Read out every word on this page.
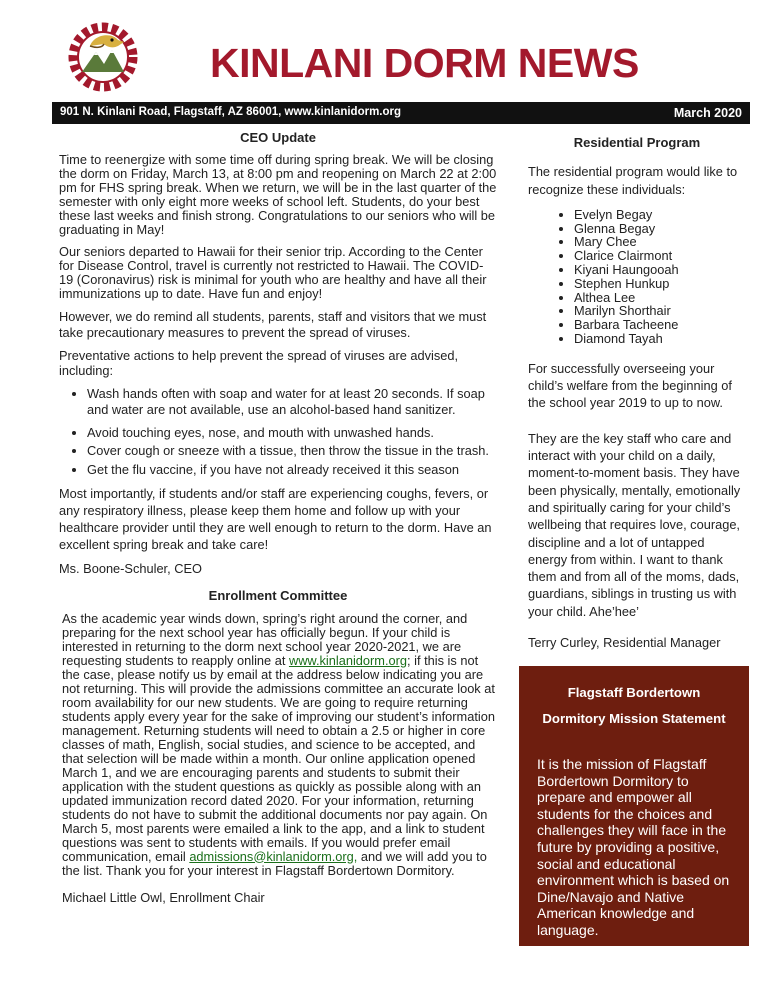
KINLANI DORM NEWS
901 N. Kinlani Road, Flagstaff, AZ 86001, www.kinlanidorm.org	March 2020
CEO Update

Time to reenergize with some time off during spring break. We will be closing the dorm on Friday, March 13, at 8:00 pm and reopening on March 22 at 2:00 pm for FHS spring break. When we return, we will be in the last quarter of the semester with only eight more weeks of school left. Students, do your best these last weeks and finish strong. Congratulations to our seniors who will be graduating in May!

Our seniors departed to Hawaii for their senior trip. According to the Center for Disease Control, travel is currently not restricted to Hawaii. The COVID-19 (Coronavirus) risk is minimal for youth who are healthy and have all their immunizations up to date. Have fun and enjoy!

However, we do remind all students, parents, staff and visitors that we must take precautionary measures to prevent the spread of viruses.

Preventative actions to help prevent the spread of viruses are advised, including:

• Wash hands often with soap and water for at least 20 seconds. If soap and water are not available, use an alcohol-based hand sanitizer.
• Avoid touching eyes, nose, and mouth with unwashed hands.
• Cover cough or sneeze with a tissue, then throw the tissue in the trash.
• Get the flu vaccine, if you have not already received it this season

Most importantly, if students and/or staff are experiencing coughs, fevers, or any respiratory illness, please keep them home and follow up with your healthcare provider until they are well enough to return to the dorm. Have an excellent spring break and take care!

Ms. Boone-Schuler, CEO

Enrollment Committee

As the academic year winds down, spring’s right around the corner, and preparing for the next school year has officially begun. If your child is interested in returning to the dorm next school year 2020-2021, we are requesting students to reapply online at www.kinlanidorm.org; if this is not the case, please notify us by email at the address below indicating you are not returning. This will provide the admissions committee an accurate look at room availability for our new students. We are going to require returning students apply every year for the sake of improving our student’s information management. Returning students will need to obtain a 2.5 or higher in core classes of math, English, social studies, and science to be accepted, and that selection will be made within a month. Our online application opened March 1, and we are encouraging parents and students to submit their application with the student questions as quickly as possible along with an updated immunization record dated 2020. For your information, returning students do not have to submit the additional documents nor pay again. On March 5, most parents were emailed a link to the app, and a link to student questions was sent to students with emails. If you would prefer email communication, email admissions@kinlanidorm.org, and we will add you to the list. Thank you for your interest in Flagstaff Bordertown Dormitory.

Michael Little Owl, Enrollment Chair

Residential Program

The residential program would like to recognize these individuals:

• Evelyn Begay
• Glenna Begay
• Mary Chee
• Clarice Clairmont
• Kiyani Haungooah
• Stephen Hunkup
• Althea Lee
• Marilyn Shorthair
• Barbara Tacheene
• Diamond Tayah

For successfully overseeing your child’s welfare from the beginning of the school year 2019 to up to now.

They are the key staff who care and interact with your child on a daily, moment-to-moment basis. They have been physically, mentally, emotionally and spiritually caring for your child’s wellbeing that requires love, courage, discipline and a lot of untapped energy from within. I want to thank them and from all of the moms, dads, guardians, siblings in trusting us with your child. Ahe’hee’

Terry Curley, Residential Manager

Flagstaff Bordertown
Dormitory Mission Statement
It is the mission of Flagstaff Bordertown Dormitory to prepare and empower all students for the choices and challenges they will face in the future by providing a positive, social and educational environment which is based on Dine/Navajo and Native American knowledge and language.
